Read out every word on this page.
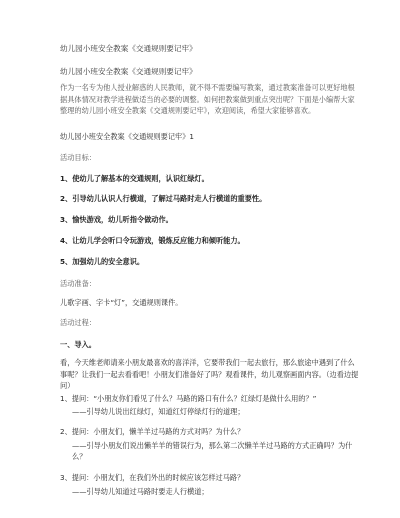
幼儿园小班安全教案《交通规则要记牢》
幼儿园小班安全教案《交通规则要记牢》
作为一名专为他人授业解惑的人民教师，就不得不需要编写教案，通过教案准备可以更好地根据具体情况对教学进程做适当的必要的调整。如何把教案做到重点突出呢？下面是小编帮大家整理的幼儿园小班安全教案《交通规则要记牢》，欢迎阅读，希望大家能够喜欢。
幼儿园小班安全教案《交通规则要记牢》1
活动目标：
1、使幼儿了解基本的交通规则，认识红绿灯。
2、引导幼儿认识人行横道，了解过马路时走人行横道的重要性。
3、愉快游戏，幼儿听指令做动作。
4、让幼儿学会听口令玩游戏，锻炼反应能力和倾听能力。
5、加强幼儿的安全意识。
活动准备：
儿歌字画、字卡“灯”，交通规则课件。
活动过程：
一、导入。
看，今天维老师请来小朋友最喜欢的喜洋洋，它要带我们一起去旅行，那么旅途中遇到了什么事呢？让我们一起去看看吧！小朋友们准备好了吗？观看课件，幼儿观察画面内容。（边看边提问）
1、提问：“小朋友你们看见了什么？马路的路口有什么？红绿灯是做什么用的？”
——引导幼儿说出红绿灯，知道红灯停绿灯行的道理；
2、提问：小朋友们，懒羊羊过马路的方式对吗？为什么？
——引导小朋友们说出懒羊羊的错误行为，那么第二次懒羊羊过马路的方式正确吗？为什么？
3、提问：小朋友们，在我们外出的时候应该怎样过马路？
——引导幼儿知道过马路时要走人行横道；
